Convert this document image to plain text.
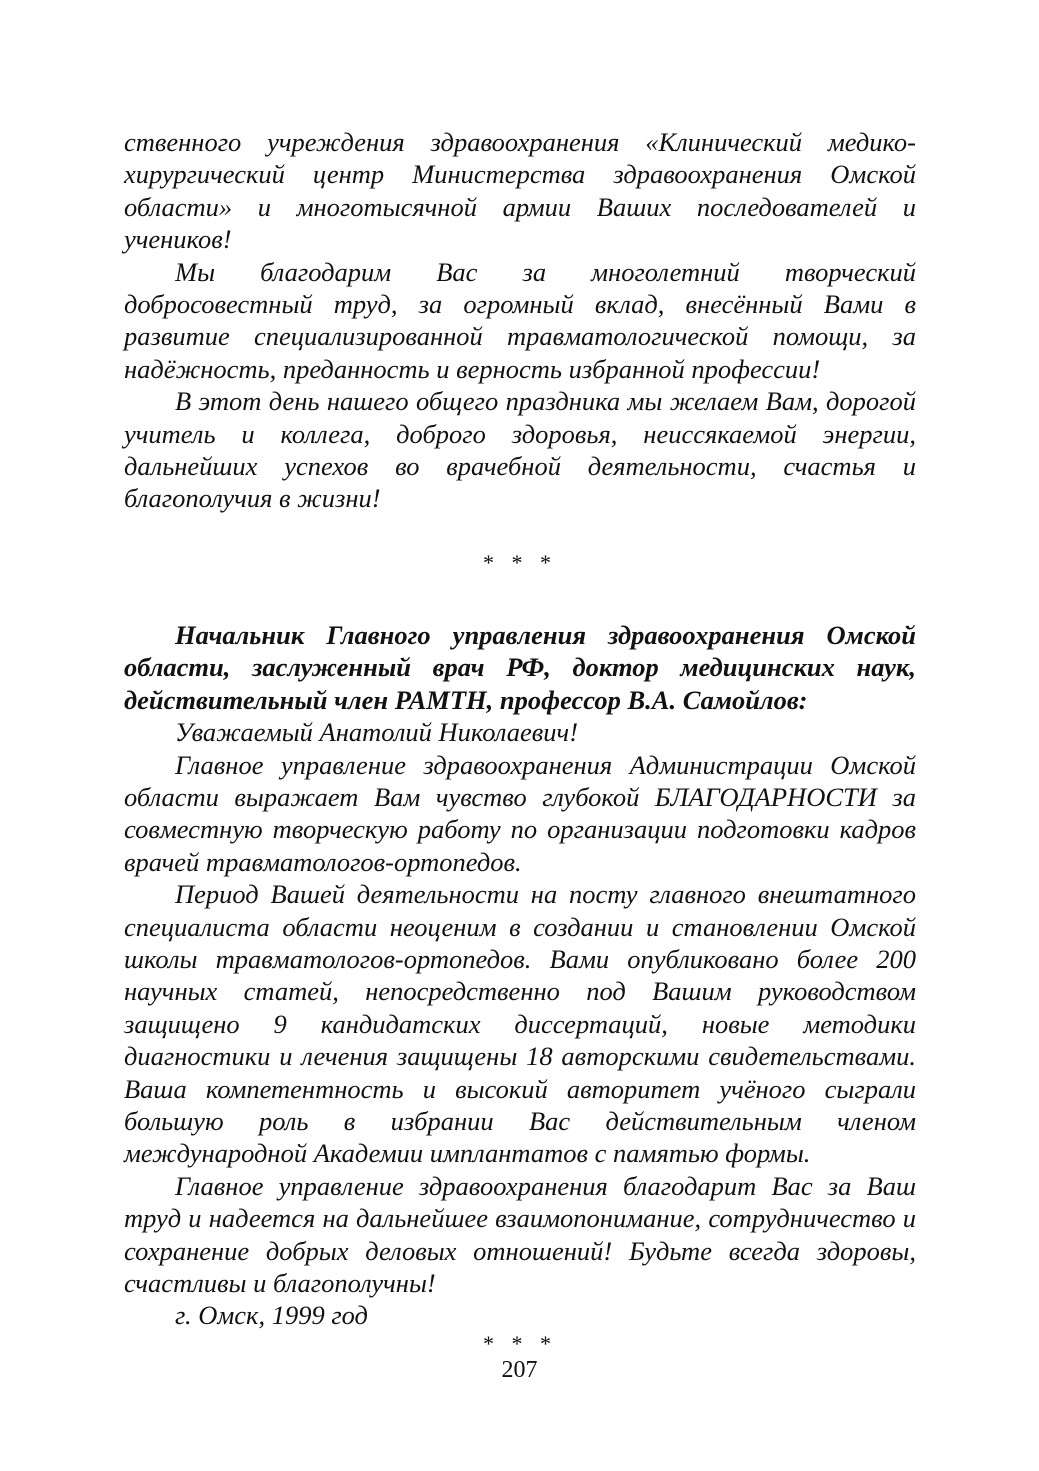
ственного учреждения здравоохранения «Клинический медико-хирургический центр Министерства здравоохранения Омской области» и многотысячной армии Ваших последователей и учеников!

Мы благодарим Вас за многолетний творческий добросовестный труд, за огромный вклад, внесённый Вами в развитие специализированной травматологической помощи, за надёжность, преданность и верность избранной профессии!

В этот день нашего общего праздника мы желаем Вам, дорогой учитель и коллега, доброго здоровья, неиссякаемой энергии, дальнейших успехов во врачебной деятельности, счастья и благополучия в жизни!

* * *

Начальник Главного управления здравоохранения Омской области, заслуженный врач РФ, доктор медицинских наук, действительный член РАМТН, профессор В.А. Самойлов:

Уважаемый Анатолий Николаевич!

Главное управление здравоохранения Администрации Омской области выражает Вам чувство глубокой БЛАГОДАРНОСТИ за совместную творческую работу по организации подготовки кадров врачей травматологов-ортопедов.

Период Вашей деятельности на посту главного внештатного специалиста области неоценим в создании и становлении Омской школы травматологов-ортопедов. Вами опубликовано более 200 научных статей, непосредственно под Вашим руководством защищено 9 кандидатских диссертаций, новые методики диагностики и лечения защищены 18 авторскими свидетельствами. Ваша компетентность и высокий авторитет учёного сыграли большую роль в избрании Вас действительным членом международной Академии имплантатов с памятью формы.

Главное управление здравоохранения благодарит Вас за Ваш труд и надеется на дальнейшее взаимопонимание, сотрудничество и сохранение добрых деловых отношений! Будьте всегда здоровы, счастливы и благополучны!

г. Омск, 1999 год

* * *

207
